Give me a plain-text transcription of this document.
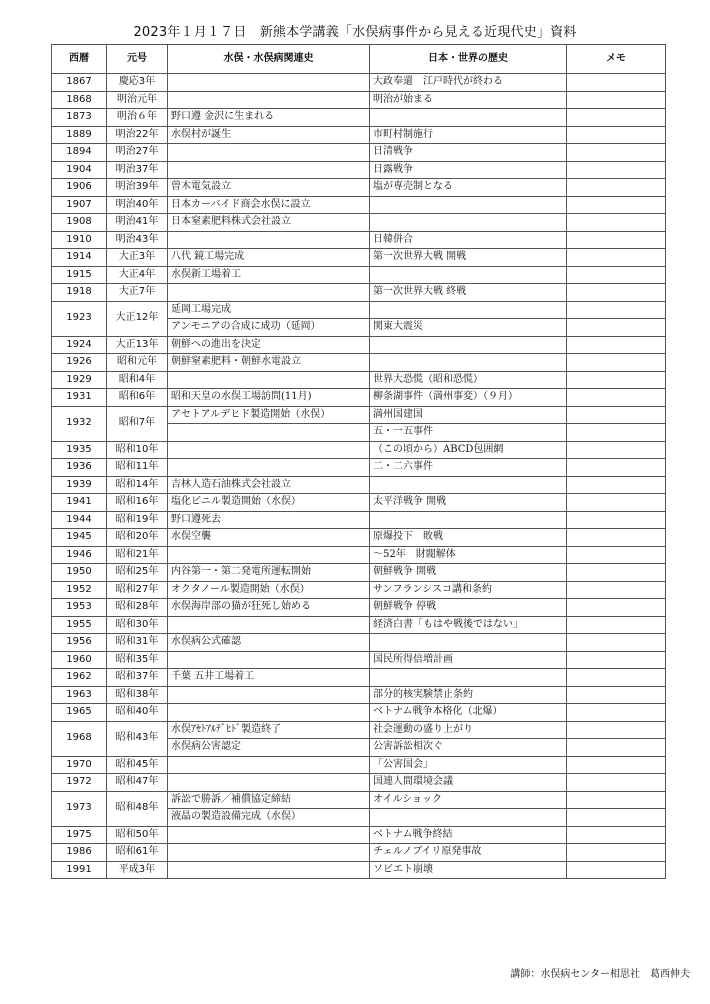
2023年１月１７日　新熊本学講義「水俣病事件から見える近現代史」資料
西暦	元号	水俣・水俣病関連史	日本・世界の歴史	メモ
1867	慶応3年		大政奉還　江戸時代が終わる	
1868	明治元年		明治が始まる	
1873	明治６年	野口遵 金沢に生まれる		
1889	明治22年	水俣村が誕生	市町村制施行	
1894	明治27年		日清戦争	
1904	明治37年		日露戦争	
1906	明治39年	曽木電気設立	塩が専売制となる	
1907	明治40年	日本カーバイド商会水俣に設立		
1908	明治41年	日本窒素肥料株式会社設立		
1910	明治43年		日韓併合	
1914	大正3年	八代 鏡工場完成	第一次世界大戦 開戦	
1915	大正4年	水俣新工場着工		
1918	大正7年		第一次世界大戦 終戦	
1923	大正12年	延岡工場完成		
		アンモニアの合成に成功（延岡）	関東大震災	
1924	大正13年	朝鮮への進出を決定		
1926	昭和元年	朝鮮窒素肥料・朝鮮水電設立		
1929	昭和4年		世界大恐慌（昭和恐慌）	
1931	昭和6年	昭和天皇の水俣工場訪問(11月)	柳条湖事件（満州事変）（９月）	
1932	昭和7年	アセトアルデヒド製造開始（水俣）	満州国建国	
			五・一五事件	
1935	昭和10年		（この頃から）ABCD包囲網	
1936	昭和11年		二・二六事件	
1939	昭和14年	吉林人造石油株式会社設立		
1941	昭和16年	塩化ビニル製造開始（水俣）	太平洋戦争 開戦	
1944	昭和19年	野口遵死去		
1945	昭和20年	水俣空襲	原爆投下　敗戦	
1946	昭和21年		～52年　財閥解体	
1950	昭和25年	内谷第一・第二発電所運転開始	朝鮮戦争 開戦	
1952	昭和27年	オクタノール製造開始（水俣）	サンフランシスコ講和条約	
1953	昭和28年	水俣海岸部の猫が狂死し始める	朝鮮戦争 停戦	
1955	昭和30年		経済白書「もはや戦後ではない」	
1956	昭和31年	水俣病公式確認		
1960	昭和35年		国民所得倍増計画	
1962	昭和37年	千葉 五井工場着工		
1963	昭和38年		部分的核実験禁止条約	
1965	昭和40年		ベトナム戦争本格化（北爆）	
1968	昭和43年	水俣ｱｾﾄｱﾙﾃﾞﾋﾄﾞ製造終了	社会運動の盛り上がり	
		水俣病公害認定	公害訴訟相次ぐ	
1970	昭和45年		「公害国会」	
1972	昭和47年		国連人間環境会議	
1973	昭和48年	訴訟で勝訴／補償協定締結	オイルショック	
		液晶の製造設備完成（水俣）		
1975	昭和50年		ベトナム戦争終結	
1986	昭和61年		チェルノブイリ原発事故	
1991	平成3年		ソビエト崩壊	
講師：水俣病センター相思社　葛西伸夫
